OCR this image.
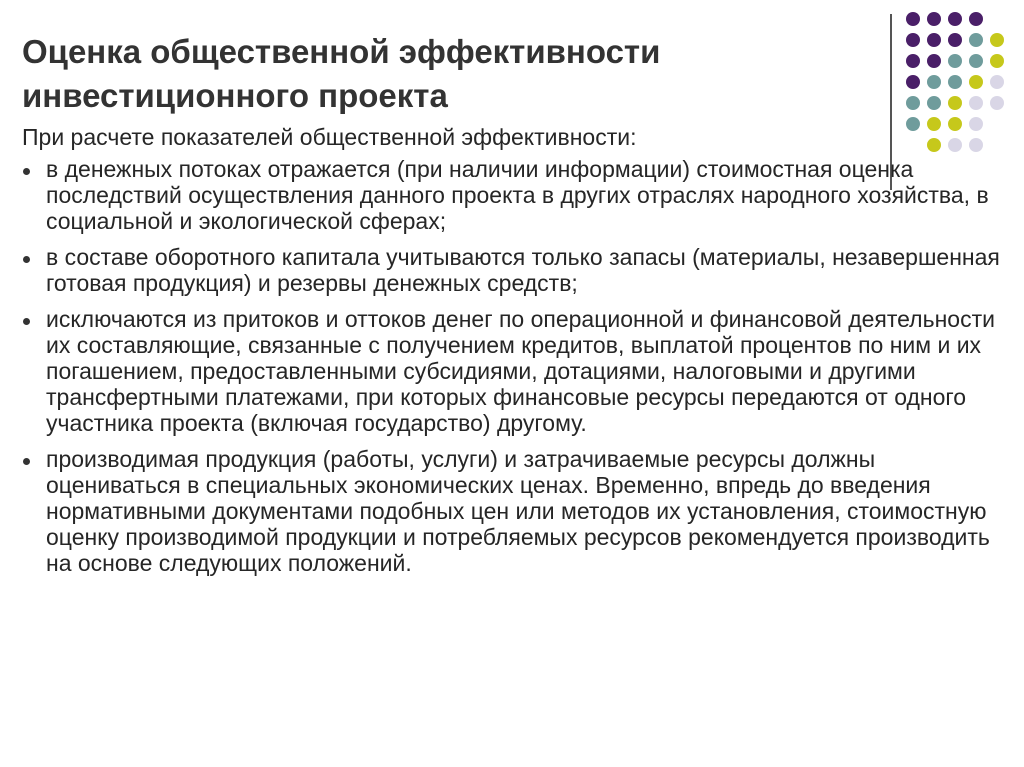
Оценка общественной эффективности инвестиционного проекта

При расчете показателей общественной эффективности:

в денежных потоках отражается (при наличии информации) стоимостная оценка последствий осуществления данного проекта в других отраслях народного хозяйства, в социальной и экологической сферах;
в составе оборотного капитала учитываются только запасы (материалы, незавершенная готовая продукция) и резервы денежных средств;
исключаются из притоков и оттоков денег по операционной и финансовой деятельности их составляющие, связанные с получением кредитов, выплатой процентов по ним и их погашением, предоставленными субсидиями, дотациями, налоговыми и другими трансфертными платежами, при которых финансовые ресурсы передаются от одного участника проекта (включая государство) другому.
производимая продукция (работы, услуги) и затрачиваемые ресурсы должны оцениваться в специальных экономических ценах. Временно, впредь до введения нормативными документами подобных цен или методов их установления, стоимостную оценку производимой продукции и потребляемых ресурсов рекомендуется производить на основе следующих положений.
